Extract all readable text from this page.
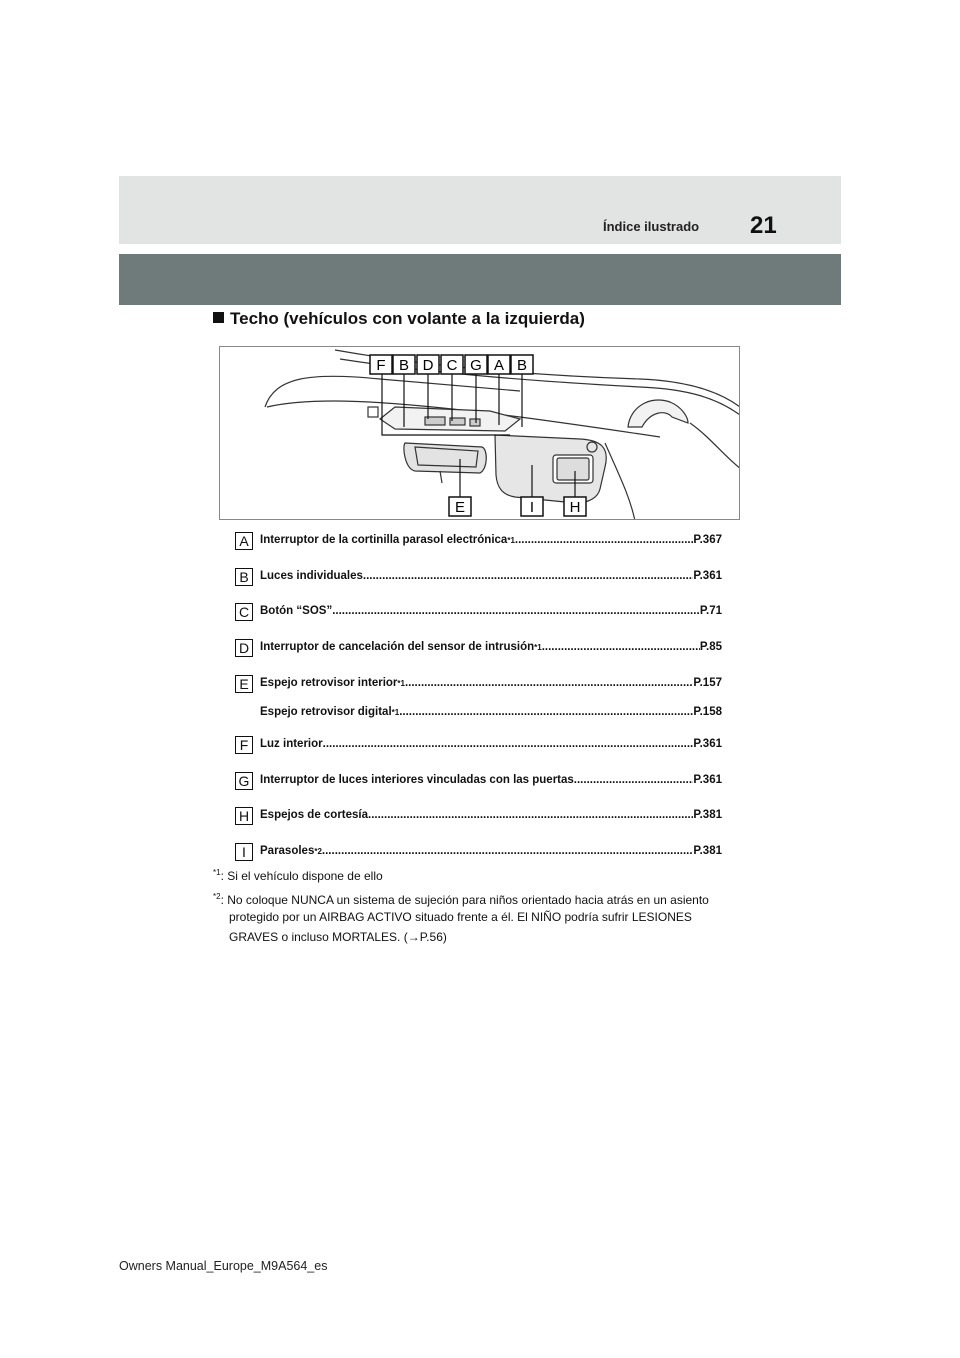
Índice ilustrado 21
Techo (vehículos con volante a la izquierda)
F B D C G A B
E	I H
A Interruptor de la cortinilla parasol electrónica *1 .....	P.367
B Luces individuales .....	P.361
C Botón “SOS” .....	P.71
D Interruptor de cancelación del sensor de intrusión *1 .....	P.85
E Espejo retrovisor interior *1 .....	P.157
Espejo retrovisor digital *1 .....	P.158
F	Luz interior .....	P.361
G Interruptor de luces interiores vinculadas con las puertas .....	P.361
H Espejos de cortesía .....	P.381
I	Parasoles *2 .....	P.381
$^{*1}$: Si el vehículo dispone de ello
$^{*2}$: No coloque NUNCA un sistema de sujeción para niños orientado hacia atrás en un asiento
protegido por un AIRBAG ACTIVO situado frente a él. El NIÑO podría sufrir LESIONES
GRAVES o incluso MORTALES. (→P.56)
Owners Manual_Europe_M9A564_es
